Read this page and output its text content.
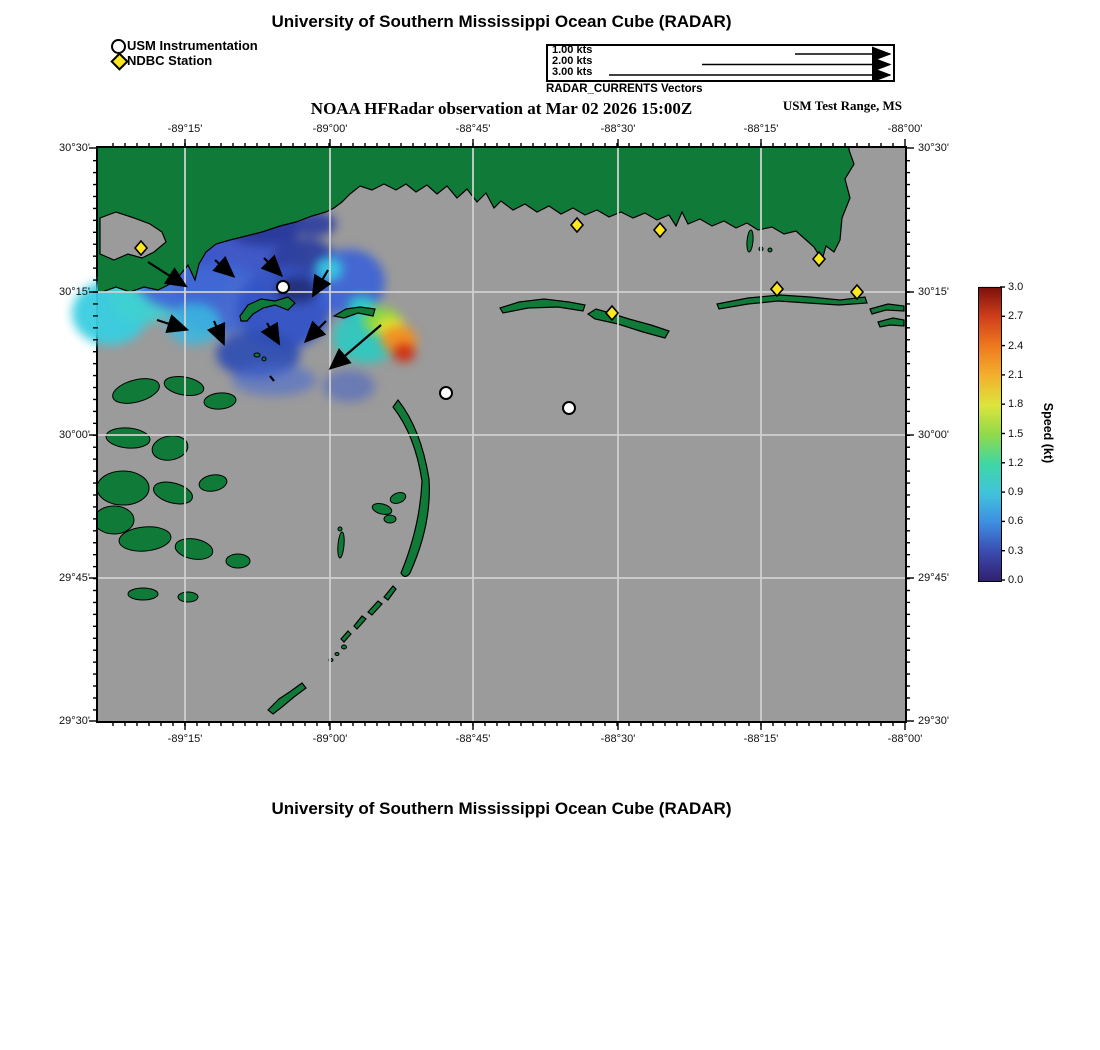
University of Southern Mississippi Ocean Cube (RADAR)
USM Instrumentation
NDBC Station
1.00 kts
2.00 kts
3.00 kts
RADAR_CURRENTS Vectors
NOAA HFRadar observation at Mar 02 2026 15:00Z	USM Test Range, MS
Speed (kt)
University of Southern Mississippi Ocean Cube (RADAR)
-89°15'
-89°15'
-89°00'
-89°00'
-88°45'
-88°45'
-88°30'
-88°30'
-88°15'
-88°15'
-88°00'
-88°00'
30°30'	30°30'
30°15'	30°15'
30°00'	30°00'
29°45'	29°45'
29°30'	29°30'
0.0
0.3
0.6
0.9
1.2
1.5
1.8
2.1
2.4
2.7
3.0
